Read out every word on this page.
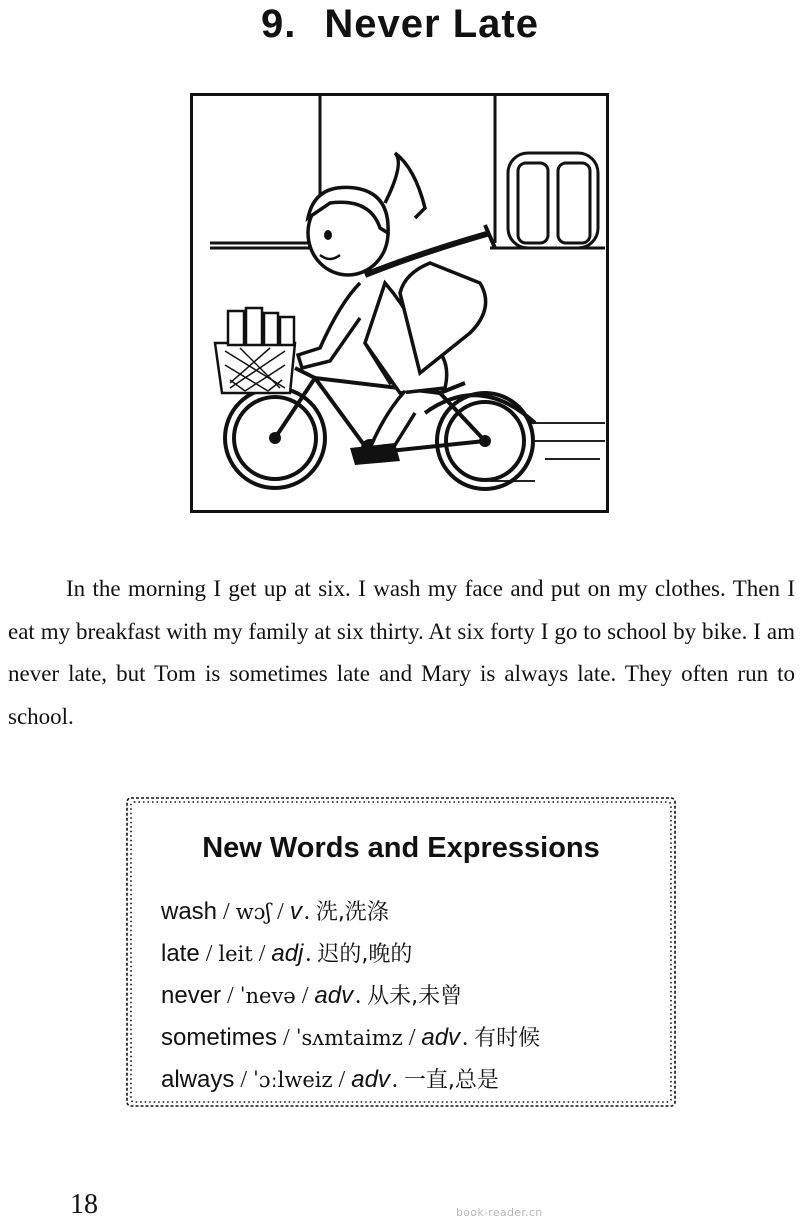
9. Never Late

In the morning I get up at six. I wash my face and put on my clothes. Then I eat my breakfast with my family at six thirty. At six forty I go to school by bike. I am never late, but Tom is sometimes late and Mary is always late. They often run to school.

New Words and Expressions
wash / wɔʃ / v. 洗,洗涤
late / leit / adj. 迟的,晚的
never / ˈnevə / adv. 从未,未曾
sometimes / ˈsʌmtaimz / adv. 有时候
always / ˈɔːlweiz / adv. 一直,总是
18	book-reader.cn
